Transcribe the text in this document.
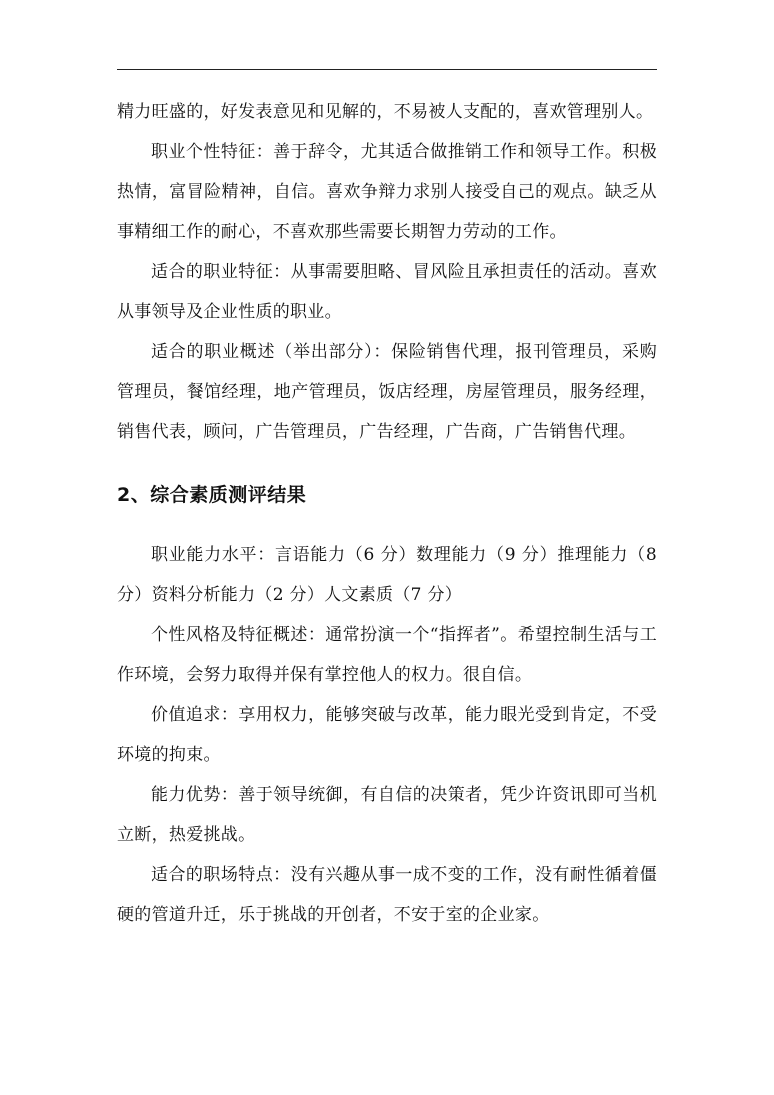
精力旺盛的，好发表意见和见解的，不易被人支配的，喜欢管理别人。

职业个性特征：善于辞令，尤其适合做推销工作和领导工作。积极热情，富冒险精神，自信。喜欢争辩力求别人接受自己的观点。缺乏从事精细工作的耐心，不喜欢那些需要长期智力劳动的工作。

适合的职业特征：从事需要胆略、冒风险且承担责任的活动。喜欢从事领导及企业性质的职业。

适合的职业概述（举出部分）：保险销售代理，报刊管理员，采购管理员，餐馆经理，地产管理员，饭店经理，房屋管理员，服务经理，销售代表，顾问，广告管理员，广告经理，广告商，广告销售代理。

2、综合素质测评结果

职业能力水平：言语能力（6 分）数理能力（9 分）推理能力（8 分）资料分析能力（2 分）人文素质（7 分）

个性风格及特征概述：通常扮演一个“指挥者”。希望控制生活与工作环境，会努力取得并保有掌控他人的权力。很自信。

价值追求：享用权力，能够突破与改革，能力眼光受到肯定，不受环境的拘束。

能力优势：善于领导统御，有自信的决策者，凭少许资讯即可当机立断，热爱挑战。

适合的职场特点：没有兴趣从事一成不变的工作，没有耐性循着僵硬的管道升迁，乐于挑战的开创者，不安于室的企业家。
